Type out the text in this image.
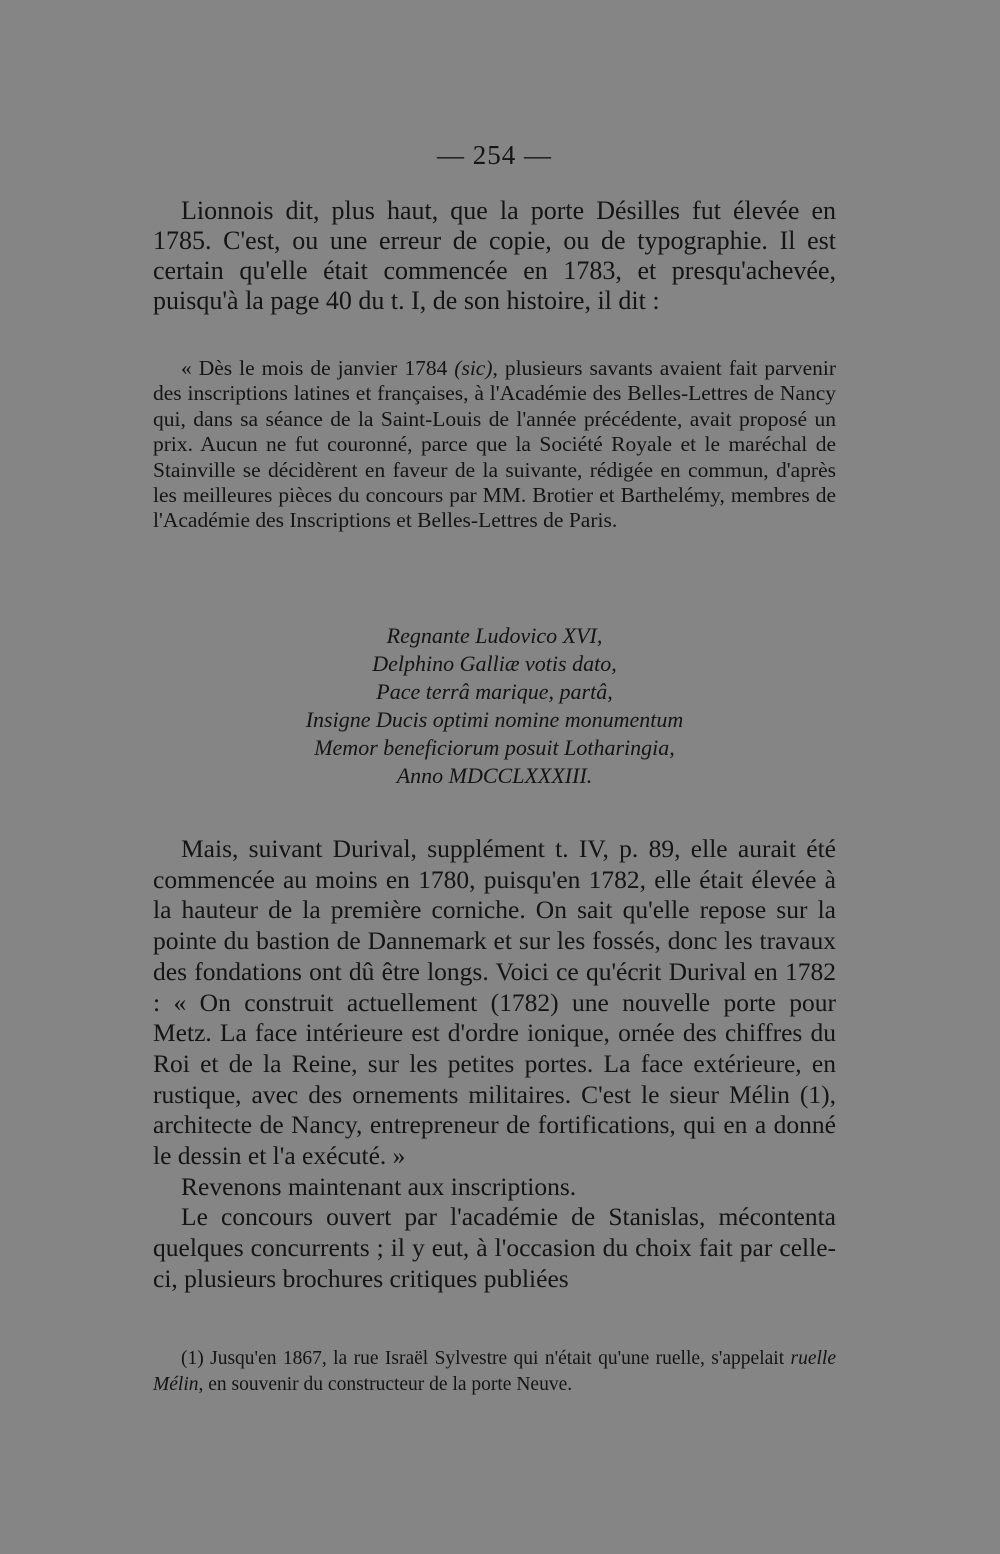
— 254 —

Lionnois dit, plus haut, que la porte Désilles fut élevée en 1785. C'est, ou une erreur de copie, ou de typographie. Il est certain qu'elle était commencée en 1783, et presqu'achevée, puisqu'à la page 40 du t. I, de son histoire, il dit :

« Dès le mois de janvier 1784 (sic), plusieurs savants avaient fait parvenir des inscriptions latines et françaises, à l'Académie des Belles-Lettres de Nancy qui, dans sa séance de la Saint-Louis de l'année précédente, avait proposé un prix. Aucun ne fut couronné, parce que la Société Royale et le maréchal de Stainville se décidèrent en faveur de la suivante, rédigée en commun, d'après les meilleures pièces du concours par MM. Brotier et Barthelémy, membres de l'Académie des Inscriptions et Belles-Lettres de Paris.

Regnante Ludovico XVI,
Delphino Galliæ votis dato,
Pace terrâ marique, partâ,
Insigne Ducis optimi nomine monumentum
Memor beneficiorum posuit Lotharingia,
Anno MDCCLXXXIII.

Mais, suivant Durival, supplément t. IV, p. 89, elle aurait été commencée au moins en 1780, puisqu'en 1782, elle était élevée à la hauteur de la première corniche. On sait qu'elle repose sur la pointe du bastion de Dannemark et sur les fossés, donc les travaux des fondations ont dû être longs. Voici ce qu'écrit Durival en 1782 : « On construit actuellement (1782) une nouvelle porte pour Metz. La face intérieure est d'ordre ionique, ornée des chiffres du Roi et de la Reine, sur les petites portes. La face extérieure, en rustique, avec des ornements militaires. C'est le sieur Mélin (1), architecte de Nancy, entrepreneur de fortifications, qui en a donné le dessin et l'a exécuté. »

Revenons maintenant aux inscriptions.

Le concours ouvert par l'académie de Stanislas, mécontenta quelques concurrents ; il y eut, à l'occasion du choix fait par celle-ci, plusieurs brochures critiques publiées

(1) Jusqu'en 1867, la rue Israël Sylvestre qui n'était qu'une ruelle, s'appelait ruelle Mélin, en souvenir du constructeur de la porte Neuve.
